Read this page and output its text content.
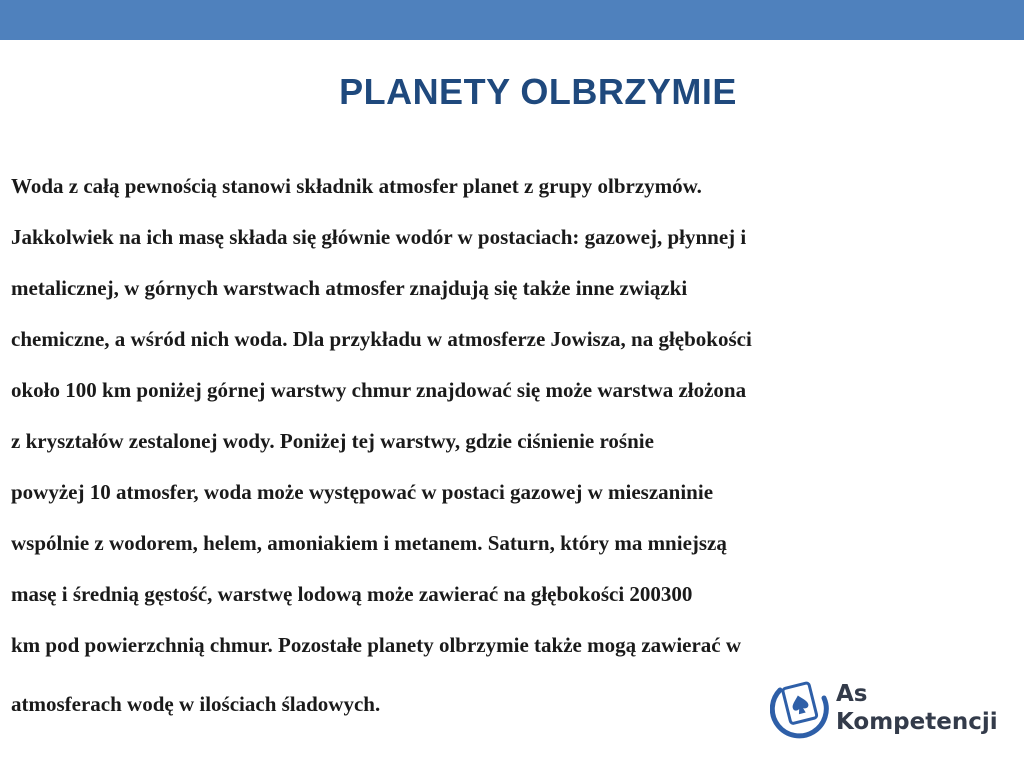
PLANETY OLBRZYMIE
Woda z całą pewnością stanowi składnik atmosfer planet z grupy olbrzymów.
Jakkolwiek na ich masę składa się głównie wodór w postaciach: gazowej, płynnej i
metalicznej, w górnych warstwach atmosfer znajdują się także inne związki
chemiczne, a wśród nich woda. Dla przykładu w atmosferze Jowisza, na głębokości
około 100 km poniżej górnej warstwy chmur znajdować się może warstwa złożona
z kryształów zestalonej wody. Poniżej tej warstwy, gdzie ciśnienie rośnie
powyżej 10 atmosfer, woda może występować w postaci gazowej w mieszaninie
wspólnie z wodorem, helem, amoniakiem i metanem. Saturn, który ma mniejszą
masę i średnią gęstość, warstwę lodową może zawierać na głębokości 200300
km pod powierzchnią chmur. Pozostałe planety olbrzymie także mogą zawierać w
atmosferach wodę w ilościach śladowych.	As
Kompetencji
